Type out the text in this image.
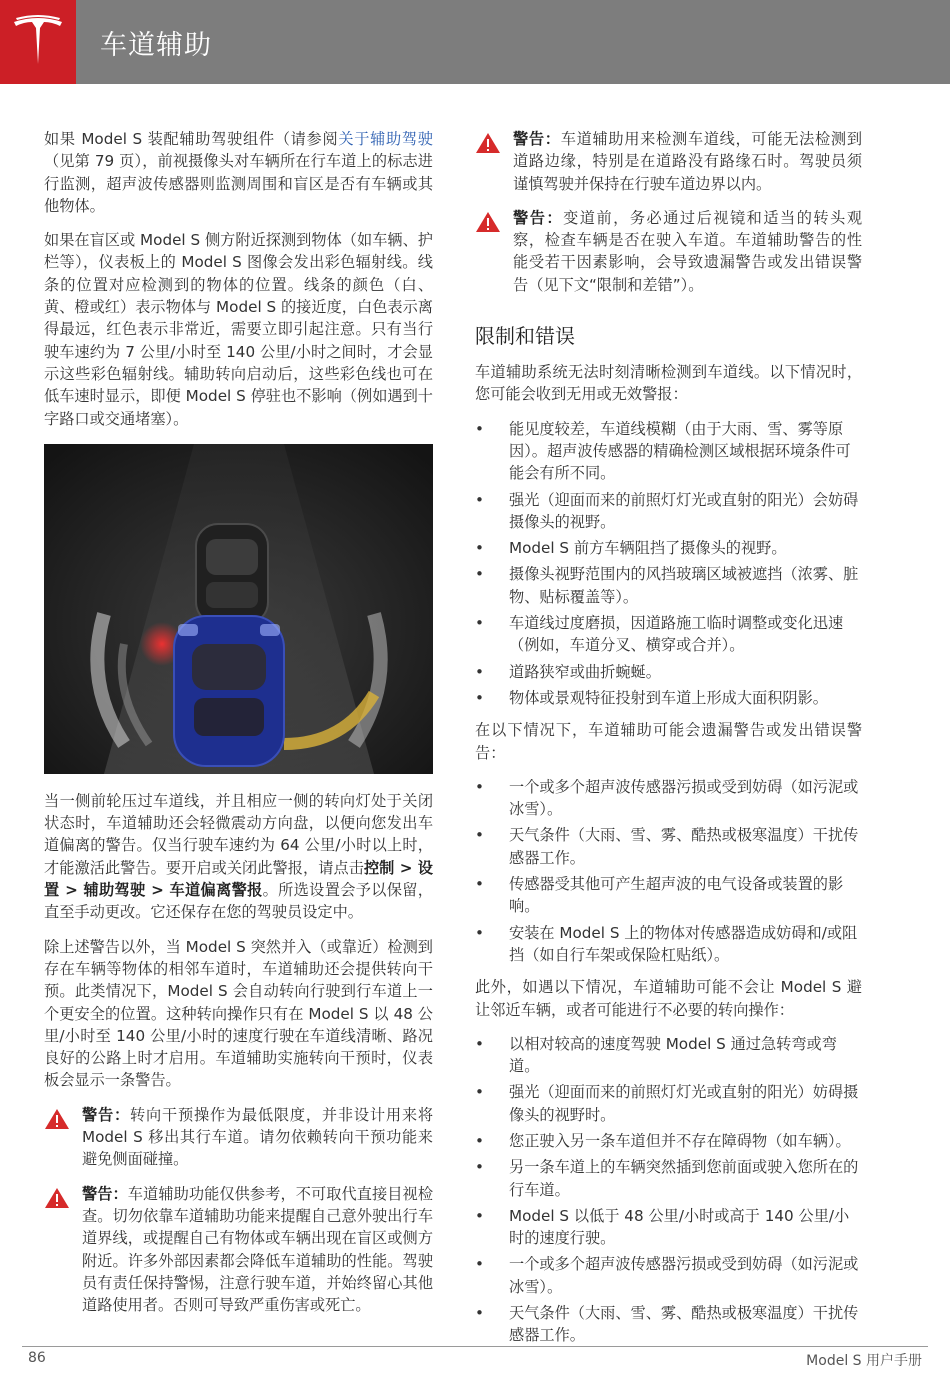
车道辅助

如果 Model S 装配辅助驾驶组件（请参阅关于辅助驾驶（见第 79 页），前视摄像头对车辆所在行车道上的标志进行监测，超声波传感器则监测周围和盲区是否有车辆或其他物体。

如果在盲区或 Model S 侧方附近探测到物体（如车辆、护栏等），仪表板上的 Model S 图像会发出彩色辐射线。线条的位置对应检测到的物体的位置。线条的颜色（白、黄、橙或红）表示物体与 Model S 的接近度，白色表示离得最远，红色表示非常近，需要立即引起注意。只有当行驶车速约为 7 公里/小时至 140 公里/小时之间时，才会显示这些彩色辐射线。辅助转向启动后，这些彩色线也可在低车速时显示，即便 Model S 停驻也不影响（例如遇到十字路口或交通堵塞）。

当一侧前轮压过车道线，并且相应一侧的转向灯处于关闭状态时，车道辅助还会轻微震动方向盘，以便向您发出车道偏离的警告。仅当行驶车速约为 64 公里/小时以上时，才能激活此警告。要开启或关闭此警报，请点击控制 > 设置 > 辅助驾驶 > 车道偏离警报。所选设置会予以保留，直至手动更改。它还保存在您的驾驶员设定中。

除上述警告以外，当 Model S 突然并入（或靠近）检测到存在车辆等物体的相邻车道时，车道辅助还会提供转向干预。此类情况下，Model S 会自动转向行驶到行车道上一个更安全的位置。这种转向操作只有在 Model S 以 48 公里/小时至 140 公里/小时的速度行驶在车道线清晰、路况良好的公路上时才启用。车道辅助实施转向干预时，仪表板会显示一条警告。

警告：转向干预操作为最低限度，并非设计用来将 Model S 移出其行车道。请勿依赖转向干预功能来避免侧面碰撞。

警告：车道辅助功能仅供参考，不可取代直接目视检查。切勿依靠车道辅助功能来提醒自己意外驶出行车道界线，或提醒自己有物体或车辆出现在盲区或侧方附近。许多外部因素都会降低车道辅助的性能。驾驶员有责任保持警惕，注意行驶车道，并始终留心其他道路使用者。否则可导致严重伤害或死亡。

警告：车道辅助用来检测车道线，可能无法检测到道路边缘，特别是在道路没有路缘石时。驾驶员须谨慎驾驶并保持在行驶车道边界以内。

警告：变道前，务必通过后视镜和适当的转头观察，检查车辆是否在驶入车道。车道辅助警告的性能受若干因素影响，会导致遗漏警告或发出错误警告（见下文“限制和差错”）。

限制和错误

车道辅助系统无法时刻清晰检测到车道线。以下情况时，您可能会收到无用或无效警报：

• 能见度较差，车道线模糊（由于大雨、雪、雾等原因）。超声波传感器的精确检测区域根据环境条件可能会有所不同。
• 强光（迎面而来的前照灯灯光或直射的阳光）会妨碍摄像头的视野。
• Model S 前方车辆阻挡了摄像头的视野。
• 摄像头视野范围内的风挡玻璃区域被遮挡（浓雾、脏物、贴标覆盖等）。
• 车道线过度磨损，因道路施工临时调整或变化迅速（例如，车道分叉、横穿或合并）。
• 道路狭窄或曲折蜿蜒。
• 物体或景观特征投射到车道上形成大面积阴影。

在以下情况下，车道辅助可能会遗漏警告或发出错误警告：

• 一个或多个超声波传感器污损或受到妨碍（如污泥或冰雪）。
• 天气条件（大雨、雪、雾、酷热或极寒温度）干扰传感器工作。
• 传感器受其他可产生超声波的电气设备或装置的影响。
• 安装在 Model S 上的物体对传感器造成妨碍和/或阻挡（如自行车架或保险杠贴纸）。

此外，如遇以下情况，车道辅助可能不会让 Model S 避让邻近车辆，或者可能进行不必要的转向操作：

• 以相对较高的速度驾驶 Model S 通过急转弯或弯道。
• 强光（迎面而来的前照灯灯光或直射的阳光）妨碍摄像头的视野时。
• 您正驶入另一条车道但并不存在障碍物（如车辆）。
• 另一条车道上的车辆突然插到您前面或驶入您所在的行车道。
• Model S 以低于 48 公里/小时或高于 140 公里/小时的速度行驶。
• 一个或多个超声波传感器污损或受到妨碍（如污泥或冰雪）。
• 天气条件（大雨、雪、雾、酷热或极寒温度）干扰传感器工作。
86	Model S 用户手册
